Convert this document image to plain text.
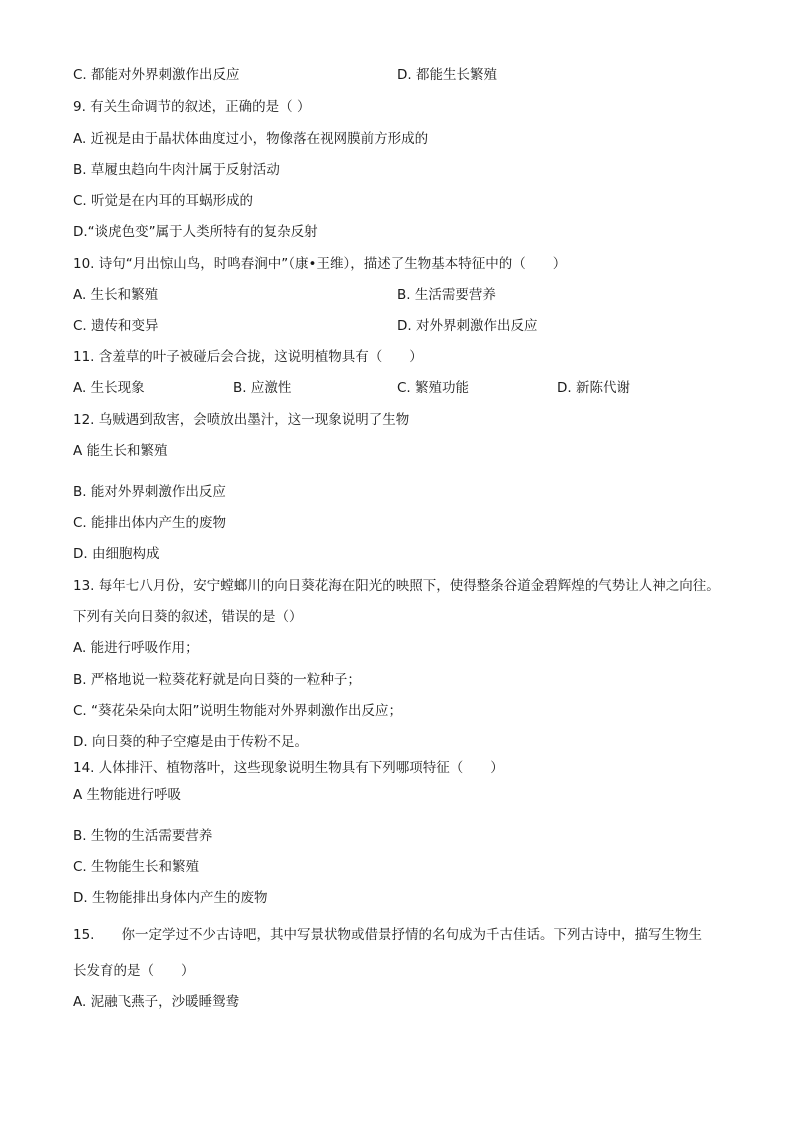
C. 都能对外界刺激作出反应	D. 都能生长繁殖
9. 有关生命调节的叙述，正确的是（ ）
A. 近视是由于晶状体曲度过小，物像落在视网膜前方形成的
B. 草履虫趋向牛肉汁属于反射活动
C. 听觉是在内耳的耳蜗形成的
D.“谈虎色变”属于人类所特有的复杂反射
10. 诗句“月出惊山鸟，时鸣春涧中”（康•王维），描述了生物基本特征中的（　　）
A. 生长和繁殖	B. 生活需要营养
C. 遗传和变异	D. 对外界刺激作出反应
11. 含羞草的叶子被碰后会合拢，这说明植物具有（　　）
A. 生长现象	B. 应激性	C. 繁殖功能	D. 新陈代谢
12. 乌贼遇到敌害，会喷放出墨汁，这一现象说明了生物
A 能生长和繁殖
B. 能对外界刺激作出反应
C. 能排出体内产生的废物
D. 由细胞构成
13. 每年七八月份，安宁螳螂川的向日葵花海在阳光的映照下，使得整条谷道金碧辉煌的气势让人神之向往。
下列有关向日葵的叙述，错误的是（）
A. 能进行呼吸作用；
B. 严格地说一粒葵花籽就是向日葵的一粒种子；
C. “葵花朵朵向太阳”说明生物能对外界刺激作出反应；
D. 向日葵的种子空瘪是由于传粉不足。
14. 人体排汗、植物落叶，这些现象说明生物具有下列哪项特征（　　）
A 生物能进行呼吸
B. 生物的生活需要营养
C. 生物能生长和繁殖
D. 生物能排出身体内产生的废物
15.　　你一定学过不少古诗吧，其中写景状物或借景抒情的名句成为千古佳话。下列古诗中，描写生物生
长发育的是（　　）
A. 泥融飞燕子，沙暖睡鸳鸯
